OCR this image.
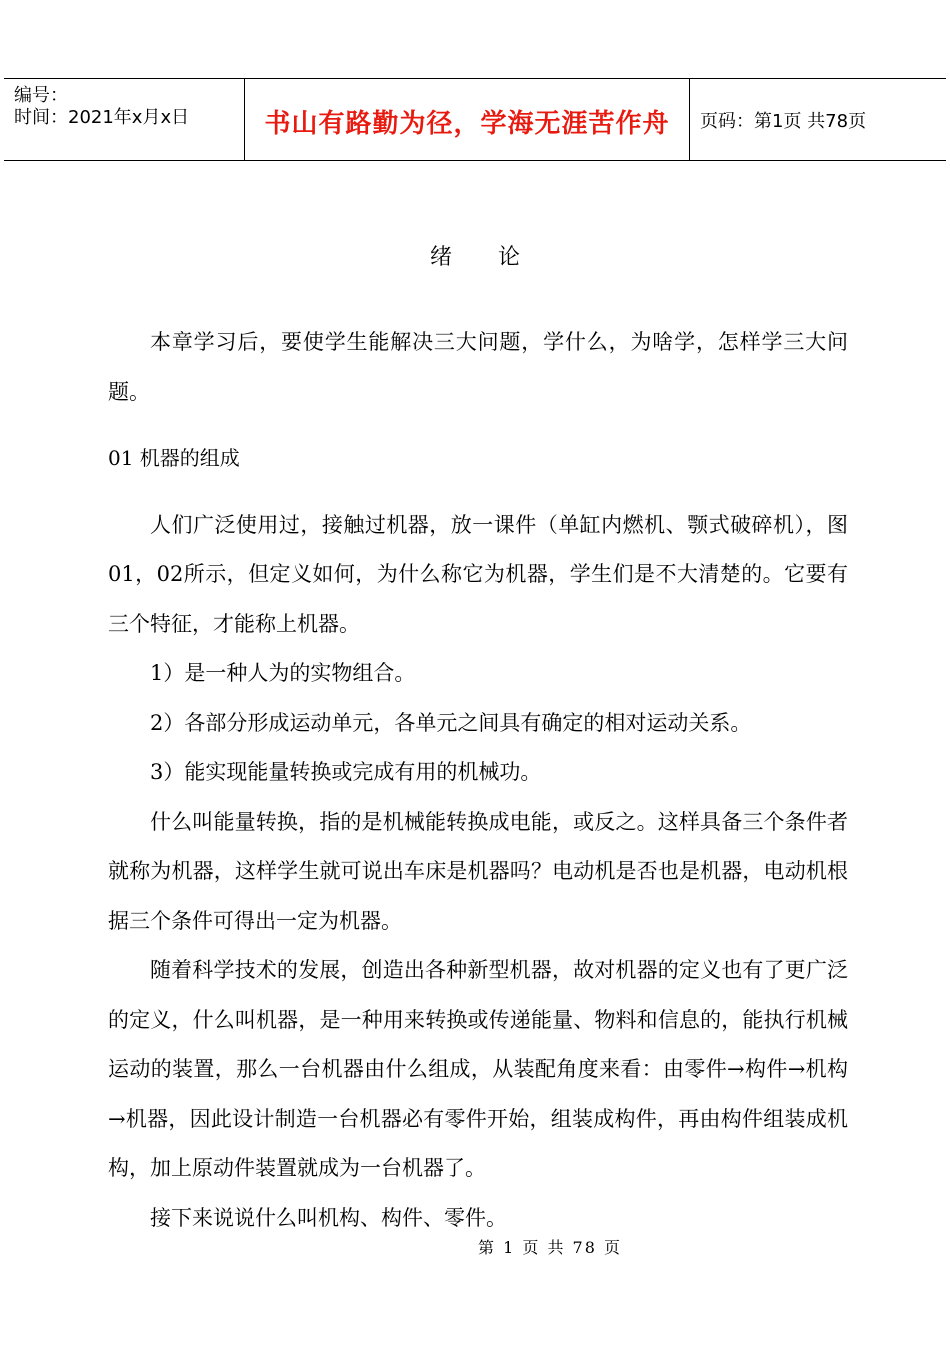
编号：
时间：2021年x月x日	书山有路勤为径，学海无涯苦作舟 页码：第1页 共78页
绪论

本章学习后，要使学生能解决三大问题，学什么，为啥学，怎样学三大问题。

01 机器的组成

人们广泛使用过，接触过机器，放一课件（单缸内燃机、颚式破碎机），图01，02所示，但定义如何，为什么称它为机器，学生们是不大清楚的。它要有三个特征，才能称上机器。

1）是一种人为的实物组合。

2）各部分形成运动单元，各单元之间具有确定的相对运动关系。

3）能实现能量转换或完成有用的机械功。

什么叫能量转换，指的是机械能转换成电能，或反之。这样具备三个条件者就称为机器，这样学生就可说出车床是机器吗？电动机是否也是机器，电动机根据三个条件可得出一定为机器。

随着科学技术的发展，创造出各种新型机器，故对机器的定义也有了更广泛的定义，什么叫机器，是一种用来转换或传递能量、物料和信息的，能执行机械运动的装置，那么一台机器由什么组成，从装配角度来看：由零件→构件→机构→机器，因此设计制造一台机器必有零件开始，组装成构件，再由构件组装成机构，加上原动件装置就成为一台机器了。

接下来说说什么叫机构、构件、零件。

第 1 页 共 78 页
